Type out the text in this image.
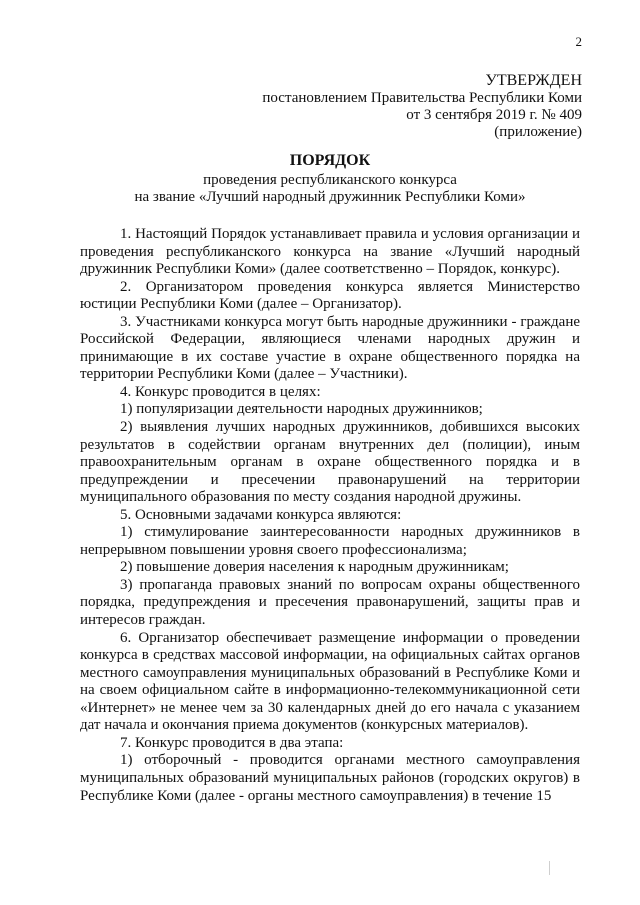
2
УТВЕРЖДЕН
постановлением Правительства Республики Коми
от 3 сентября 2019 г. № 409
(приложение)
ПОРЯДОК
проведения республиканского конкурса
на звание «Лучший народный дружинник Республики Коми»

1. Настоящий Порядок устанавливает правила и условия организации и проведения республиканского конкурса на звание «Лучший народный дружинник Республики Коми» (далее соответственно – Порядок, конкурс).

2. Организатором проведения конкурса является Министерство юстиции Республики Коми (далее – Организатор).

3. Участниками конкурса могут быть народные дружинники - граждане Российской Федерации, являющиеся членами народных дружин и принимающие в их составе участие в охране общественного порядка на территории Республики Коми (далее – Участники).

4. Конкурс проводится в целях:

1) популяризации деятельности народных дружинников;

2) выявления лучших народных дружинников, добившихся высоких результатов в содействии органам внутренних дел (полиции), иным правоохранительным органам в охране общественного порядка и в предупреждении и пресечении правонарушений на территории муниципального образования по месту создания народной дружины.

5. Основными задачами конкурса являются:

1) стимулирование заинтересованности народных дружинников в непрерывном повышении уровня своего профессионализма;

2) повышение доверия населения к народным дружинникам;

3) пропаганда правовых знаний по вопросам охраны общественного порядка, предупреждения и пресечения правонарушений, защиты прав и интересов граждан.

6. Организатор обеспечивает размещение информации о проведении конкурса в средствах массовой информации, на официальных сайтах органов местного самоуправления муниципальных образований в Республике Коми и на своем официальном сайте в информационно-телекоммуникационной сети «Интернет» не менее чем за 30 календарных дней до его начала с указанием дат начала и окончания приема документов (конкурсных материалов).

7. Конкурс проводится в два этапа:

1) отборочный - проводится органами местного самоуправления муниципальных образований муниципальных районов (городских округов) в Республике Коми (далее - органы местного самоуправления) в течение 15
